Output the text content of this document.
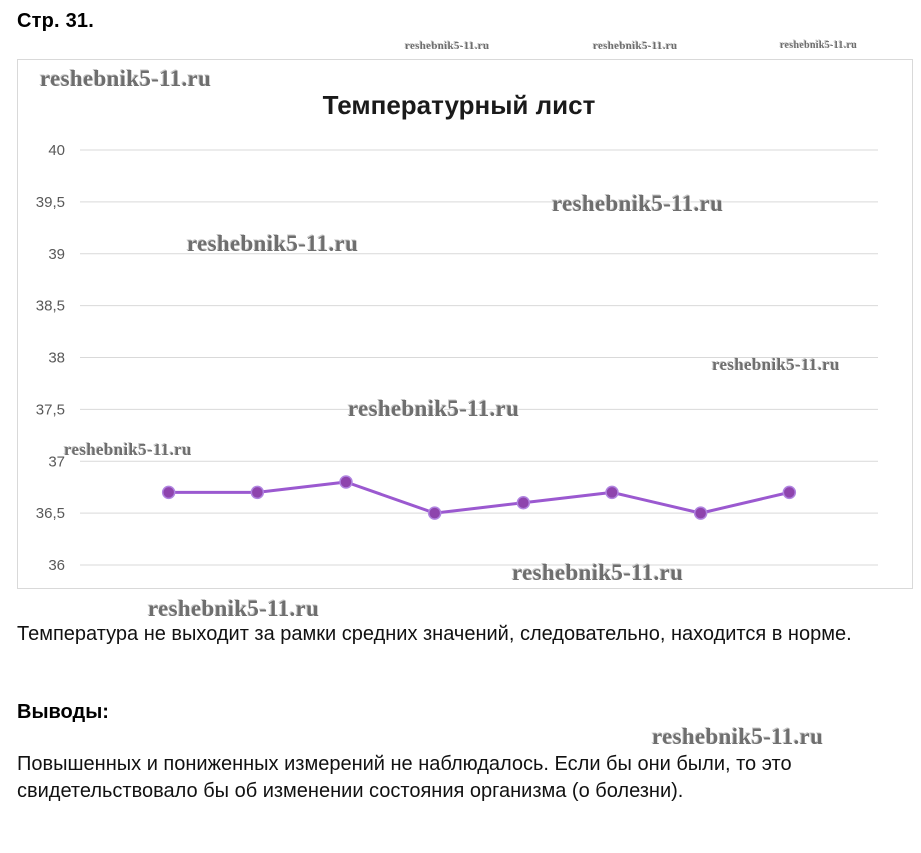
Стр. 31.
reshebnik5-11.ru	reshebnik5-11.ru	reshebnik5-11.ru
36
36,5
37
37,5
38
38,5
39
39,5
40
Температурный лист
reshebnik5-11.ru
reshebnik5-11.ru
reshebnik5-11.ru
reshebnik5-11.ru
reshebnik5-11.ru
reshebnik5-11.ru
reshebnik5-11.ru
reshebnik5-11.ru
Температура не выходит за рамки средних значений, следовательно, находится в норме.
Выводы:
reshebnik5-11.ru
Повышенных и пониженных измерений не наблюдалось. Если бы они были, то это свидетельствовало бы об изменении состояния организма (о болезни).
